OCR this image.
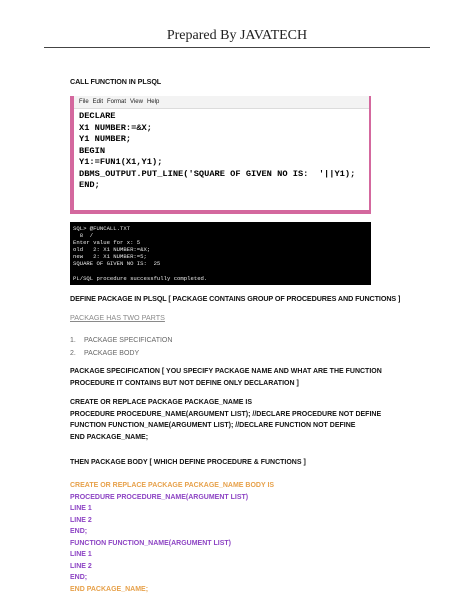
Prepared By JAVATECH
CALL FUNCTION IN PLSQL
File Edit Format View Help
DECLARE
X1 NUMBER:=&X;
Y1 NUMBER;
BEGIN
Y1:=FUN1(X1,Y1);
DBMS_OUTPUT.PUT_LINE('SQUARE OF GIVEN NO IS:  '||Y1);
END;
SQL> @FUNCALL.TXT
8  /
Enter value for x: 5
old   2: X1 NUMBER:=&X;
new   2: X1 NUMBER:=5;
SQUARE OF GIVEN NO IS:  25

PL/SQL procedure successfully completed.
DEFINE PACKAGE IN PLSQL [ PACKAGE CONTAINS GROUP OF PROCEDURES AND FUNCTIONS ]
PACKAGE HAS TWO PARTS
1. PACKAGE SPECIFICATION
2. PACKAGE BODY
PACKAGE SPECIFICATION [ YOU SPECIFY PACKAGE NAME AND WHAT ARE THE FUNCTION
PROCEDURE IT CONTAINS BUT NOT DEFINE ONLY DECLARATION ]
CREATE OR REPLACE PACKAGE PACKAGE_NAME IS
PROCEDURE PROCEDURE_NAME(ARGUMENT LIST); //DECLARE PROCEDURE NOT DEFINE
FUNCTION FUNCTION_NAME(ARGUMENT LIST); //DECLARE FUNCTION NOT DEFINE
END PACKAGE_NAME;
THEN PACKAGE BODY [ WHICH DEFINE PROCEDURE & FUNCTIONS ]
CREATE OR REPLACE PACKAGE PACKAGE_NAME BODY IS
PROCEDURE PROCEDURE_NAME(ARGUMENT LIST)
LINE 1
LINE 2
END;
FUNCTION FUNCTION_NAME(ARGUMENT LIST)
LINE 1
LINE 2
END;
END PACKAGE_NAME;
